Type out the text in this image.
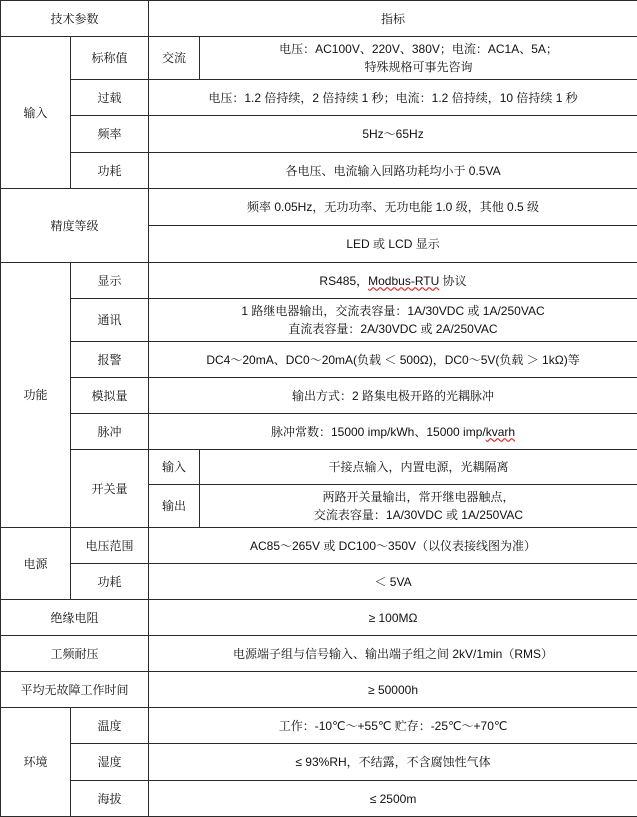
技术参数		指标	
输入	标称值	交流	电压：AC100V、220V、380V；电流：AC1A、5A；
特殊规格可事先咨询

	过载	电压：1.2 倍持续，2 倍持续 1 秒；电流：1.2 倍持续，10 倍持续 1 秒	
	频率	5Hz～65Hz	
	功耗	各电压、电流输入回路功耗均小于 0.5VA	
精度等级		频率 0.05Hz，无功功率、无功电能 1.0 级，其他 0.5 级	
		LED 或 LCD 显示	
功能	显示	RS485，Modbus-RTU 协议	
	通讯	1 路继电器输出，交流表容量：1A/30VDC 或 1A/250VAC
直流表容量：2A/30VDC 或 2A/250VAC	

	报警	DC4～20mA、DC0～20mA(负载 ＜ 500Ω)，DC0～5V(负载 ＞ 1kΩ)等	
	模拟量	输出方式：2 路集电极开路的光耦脉冲	
	脉冲	脉冲常数：15000 imp/kWh、15000 imp/kvarh	
	开关量	输入	干接点输入，内置电源，光耦隔离
		输出	两路开关量输出，常开继电器触点，
交流表容量：1A/30VDC 或 1A/250VAC

电源	电压范围	AC85～265V 或 DC100～350V（以仪表接线图为准）	
	功耗	＜ 5VA	
绝缘电阻		≥ 100MΩ	
工频耐压		电源端子组与信号输入、输出端子组之间 2kV/1min（RMS）	
平均无故障工作时间		≥ 50000h	
环境	温度	工作：-10℃～+55℃ 贮存：-25℃～+70℃	
	湿度	≤ 93%RH，不结露，不含腐蚀性气体	
	海拔	≤ 2500m	
